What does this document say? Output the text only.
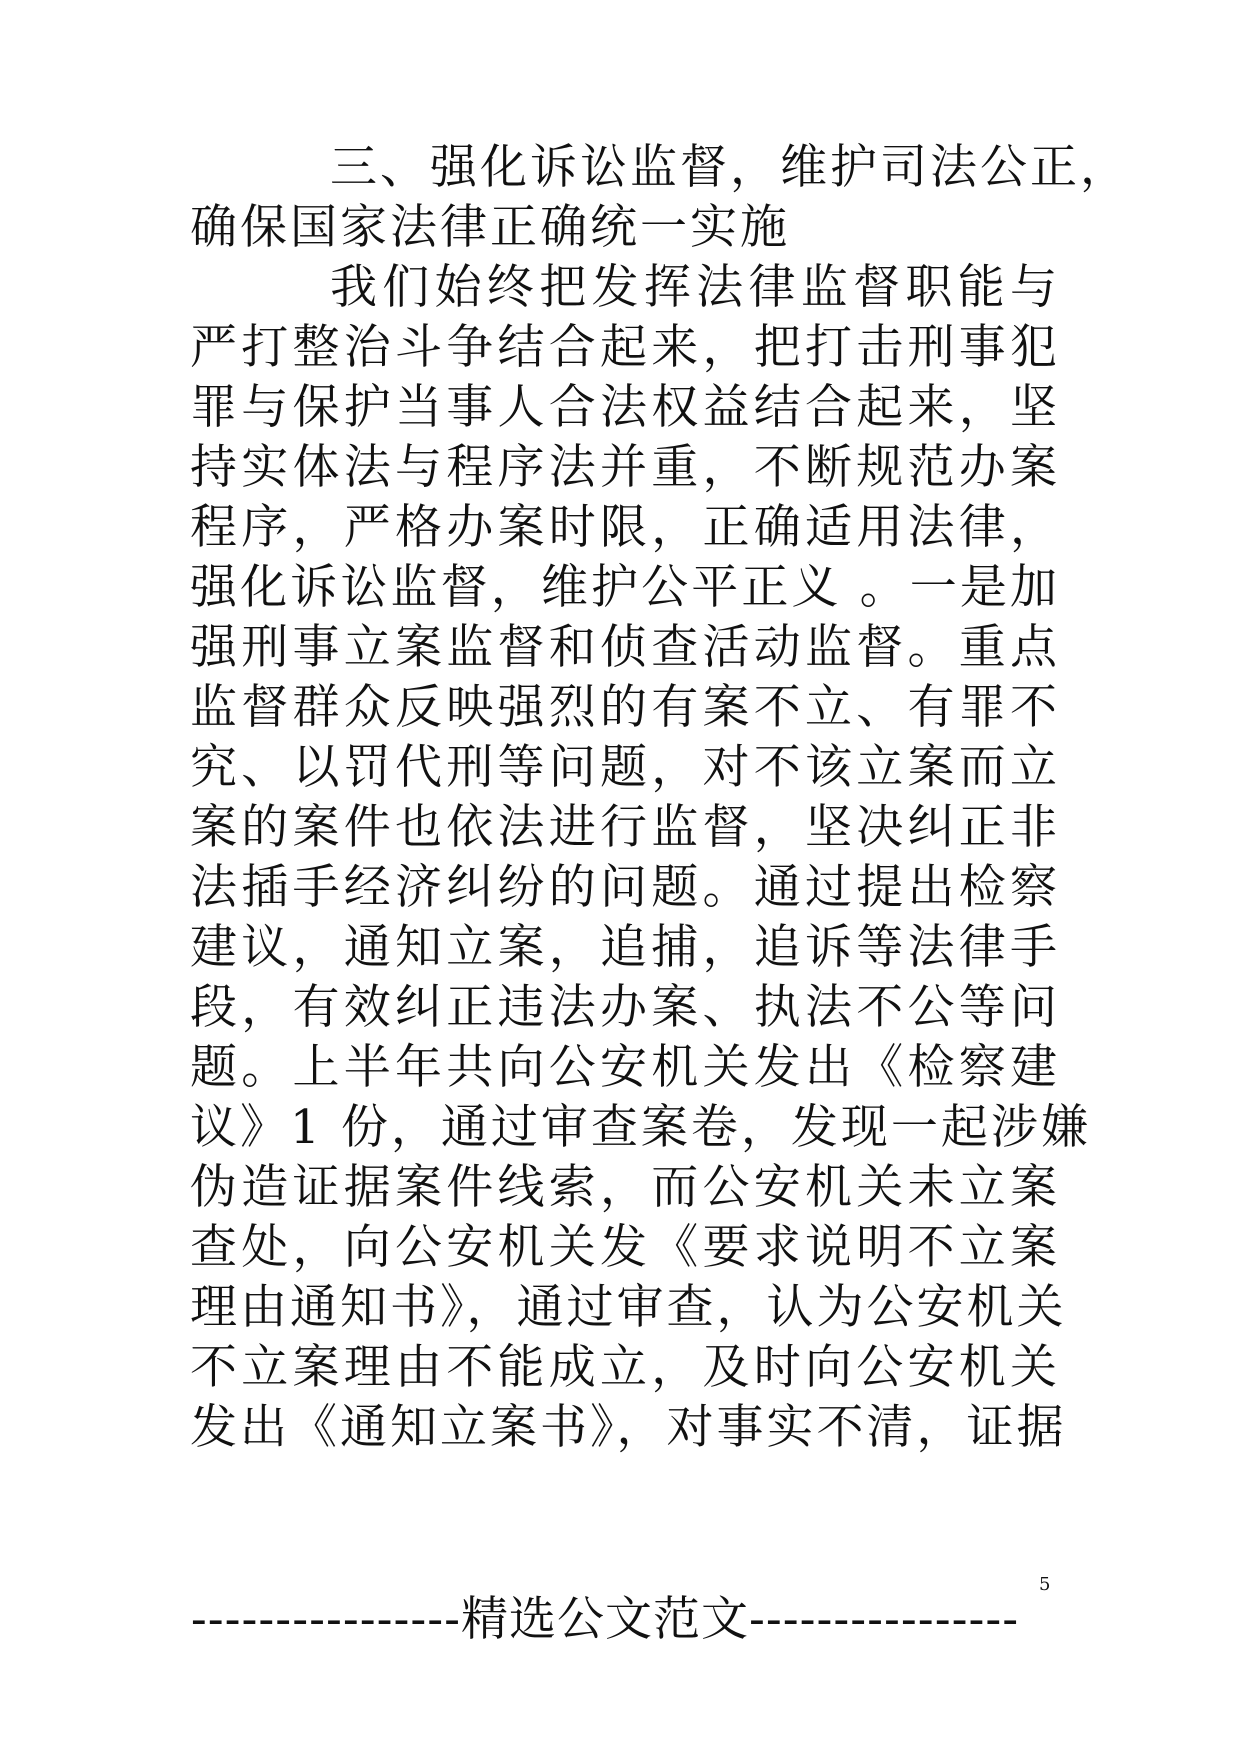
三、强化诉讼监督，维护司法公正，
确保国家法律正确统一实施
我们始终把发挥法律监督职能与
严打整治斗争结合起来，把打击刑事犯
罪与保护当事人合法权益结合起来，坚
持实体法与程序法并重，不断规范办案
程序，严格办案时限，正确适用法律，
强化诉讼监督，维护公平正义 。一是加
强刑事立案监督和侦查活动监督。重点
监督群众反映强烈的有案不立、有罪不
究、以罚代刑等问题，对不该立案而立
案的案件也依法进行监督，坚决纠正非
法插手经济纠纷的问题。通过提出检察
建议，通知立案，追捕，追诉等法律手
段，有效纠正违法办案、执法不公等问
题。上半年共向公安机关发出《检察建
议》1 份，通过审查案卷，发现一起涉嫌
伪造证据案件线索，而公安机关未立案
查处，向公安机关发《要求说明不立案
理由通知书》，通过审查，认为公安机关
不立案理由不能成立，及时向公安机关
发出《通知立案书》，对事实不清，证据
5
----------------精选公文范文----------------
